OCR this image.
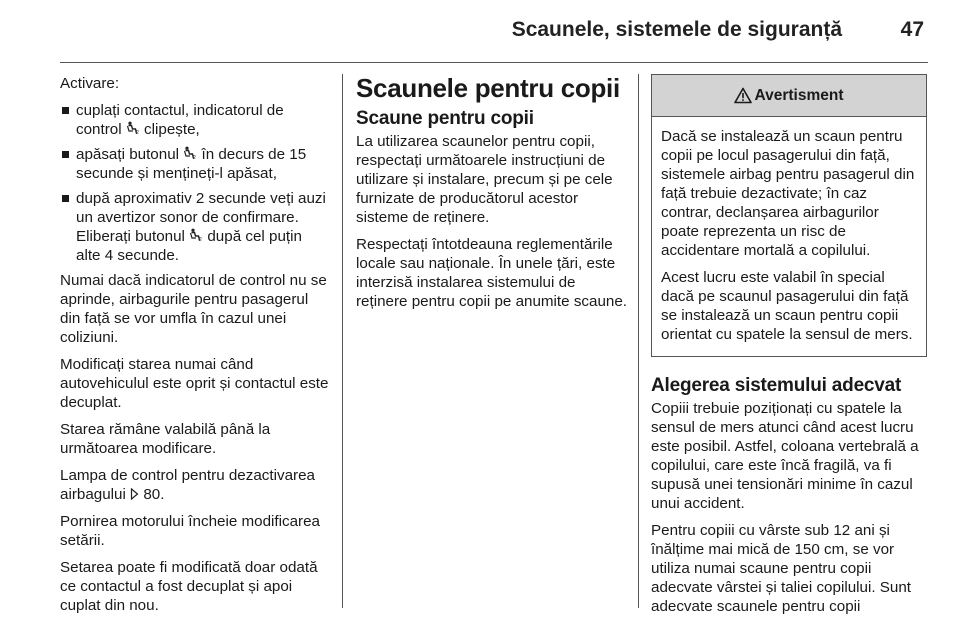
Scaunele, sistemele de siguranță	47

Activare:

cuplați contactul, indicatorul de control 2 clipește,
apăsați butonul 2 în decurs de 15 secunde și mențineți-l apăsat,
după aproximativ 2 secunde veți auzi un avertizor sonor de confirmare. Eliberați butonul 2 după cel puțin alte 4 secunde.

Numai dacă indicatorul de control nu se aprinde, airbagurile pentru pasagerul din față se vor umfla în cazul unei coliziuni.

Modificați starea numai când autovehiculul este oprit și contactul este decuplat.

Starea rămâne valabilă până la următoarea modificare.

Lampa de control pentru dezactivarea airbagului  80.

Pornirea motorului încheie modificarea setării.

Setarea poate fi modificată doar odată ce contactul a fost decuplat și apoi cuplat din nou.

Scaunele pentru copii
Scaune pentru copii

La utilizarea scaunelor pentru copii, respectați următoarele instrucțiuni de utilizare și instalare, precum și pe cele furnizate de producătorul acestor sisteme de reținere.

Respectați întotdeauna reglementările locale sau naționale. În unele țări, este interzisă instalarea sistemului de reținere pentru copii pe anumite scaune.

Avertisment

Dacă se instalează un scaun pentru copii pe locul pasagerului din față, sistemele airbag pentru pasagerul din față trebuie dezactivate; în caz contrar, declanșarea airbagurilor poate reprezenta un risc de accidentare mortală a copilului.

Acest lucru este valabil în special dacă pe scaunul pasagerului din față se instalează un scaun pentru copii orientat cu spatele la sensul de mers.

Alegerea sistemului adecvat

Copiii trebuie poziționați cu spatele la sensul de mers atunci când acest lucru este posibil. Astfel, coloana vertebrală a copilului, care este încă fragilă, va fi supusă unei tensionări minime în cazul unui accident.

Pentru copiii cu vârste sub 12 ani și înălțime mai mică de 150 cm, se vor utiliza numai scaune pentru copii adecvate vârstei și taliei copilului. Sunt adecvate scaunele pentru copii
